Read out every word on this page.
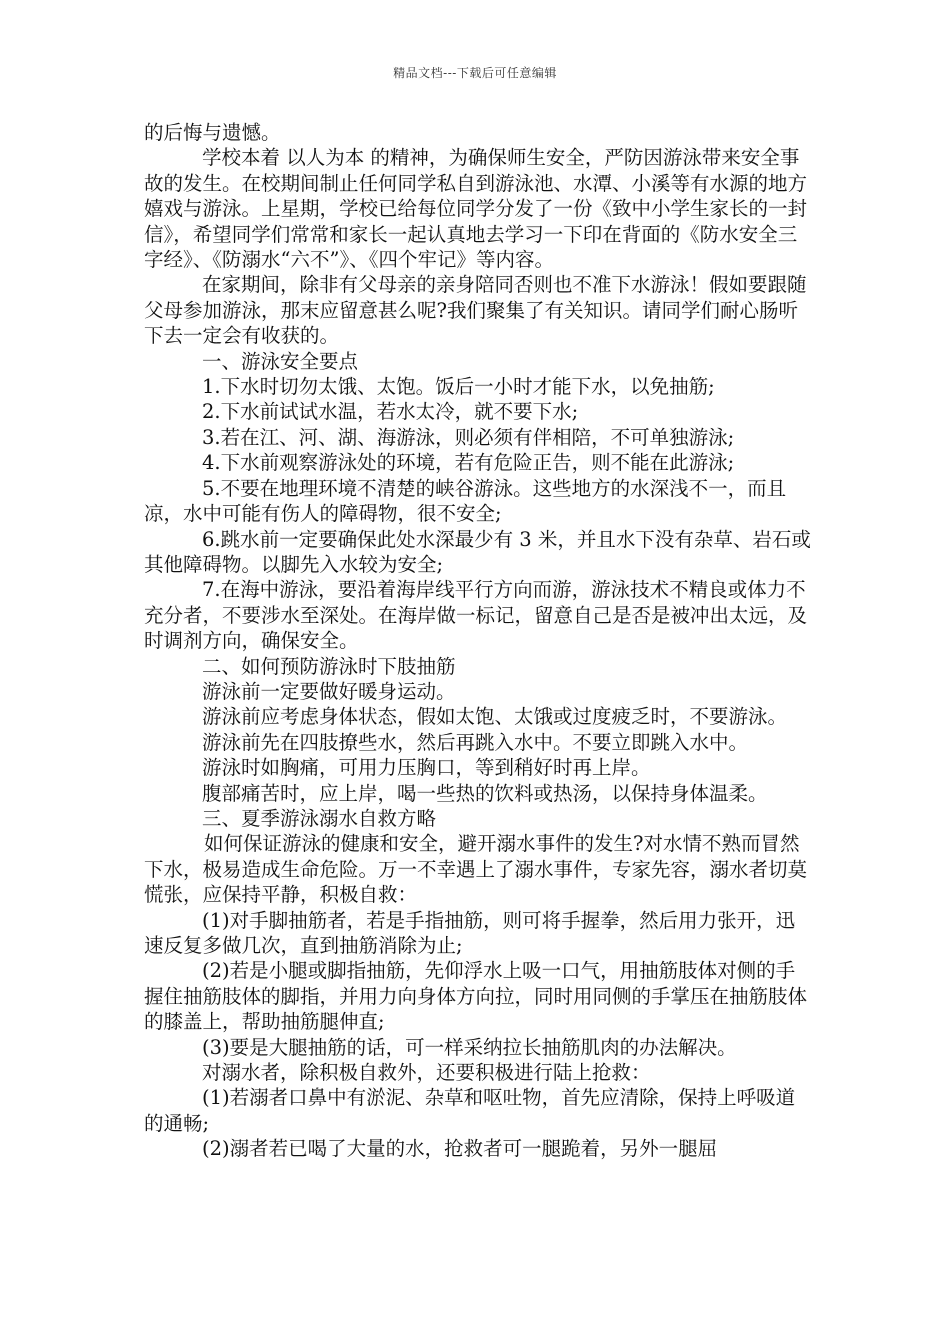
精品文档---下载后可任意编辑

的后悔与遗憾。

学校本着 以人为本 的精神，为确保师生安全，严防因游泳带来安全事故的发生。在校期间制止任何同学私自到游泳池、水潭、小溪等有水源的地方嬉戏与游泳。上星期，学校已给每位同学分发了一份《致中小学生家长的一封信》，希望同学们常常和家长一起认真地去学习一下印在背面的《防水安全三字经》、《防溺水“六不”》、《四个牢记》等内容。

在家期间，除非有父母亲的亲身陪同否则也不准下水游泳！假如要跟随父母参加游泳，那末应留意甚么呢?我们聚集了有关知识。请同学们耐心肠听下去一定会有收获的。

一、游泳安全要点

1.下水时切勿太饿、太饱。饭后一小时才能下水，以免抽筋;

2.下水前试试水温，若水太冷，就不要下水;

3.若在江、河、湖、海游泳，则必须有伴相陪，不可单独游泳;

4.下水前观察游泳处的环境，若有危险正告，则不能在此游泳;

5.不要在地理环境不清楚的峡谷游泳。这些地方的水深浅不一，而且凉，水中可能有伤人的障碍物，很不安全;

6.跳水前一定要确保此处水深最少有 3 米，并且水下没有杂草、岩石或其他障碍物。以脚先入水较为安全;

7.在海中游泳，要沿着海岸线平行方向而游，游泳技术不精良或体力不充分者，不要涉水至深处。在海岸做一标记，留意自己是否是被冲出太远，及时调剂方向，确保安全。

二、如何预防游泳时下肢抽筋

游泳前一定要做好暖身运动。

游泳前应考虑身体状态，假如太饱、太饿或过度疲乏时，不要游泳。

游泳前先在四肢撩些水，然后再跳入水中。不要立即跳入水中。

游泳时如胸痛，可用力压胸口，等到稍好时再上岸。

腹部痛苦时，应上岸，喝一些热的饮料或热汤，以保持身体温柔。

三、夏季游泳溺水自救方略

如何保证游泳的健康和安全，避开溺水事件的发生?对水情不熟而冒然下水，极易造成生命危险。万一不幸遇上了溺水事件，专家先容，溺水者切莫慌张，应保持平静，积极自救：

(1)对手脚抽筋者，若是手指抽筋，则可将手握拳，然后用力张开，迅速反复多做几次，直到抽筋消除为止;

(2)若是小腿或脚指抽筋，先仰浮水上吸一口气，用抽筋肢体对侧的手握住抽筋肢体的脚指，并用力向身体方向拉，同时用同侧的手掌压在抽筋肢体的膝盖上，帮助抽筋腿伸直;

(3)要是大腿抽筋的话，可一样采纳拉长抽筋肌肉的办法解决。

对溺水者，除积极自救外，还要积极进行陆上抢救：

(1)若溺者口鼻中有淤泥、杂草和呕吐物，首先应清除，保持上呼吸道的通畅;

(2)溺者若已喝了大量的水，抢救者可一腿跪着，另外一腿屈
